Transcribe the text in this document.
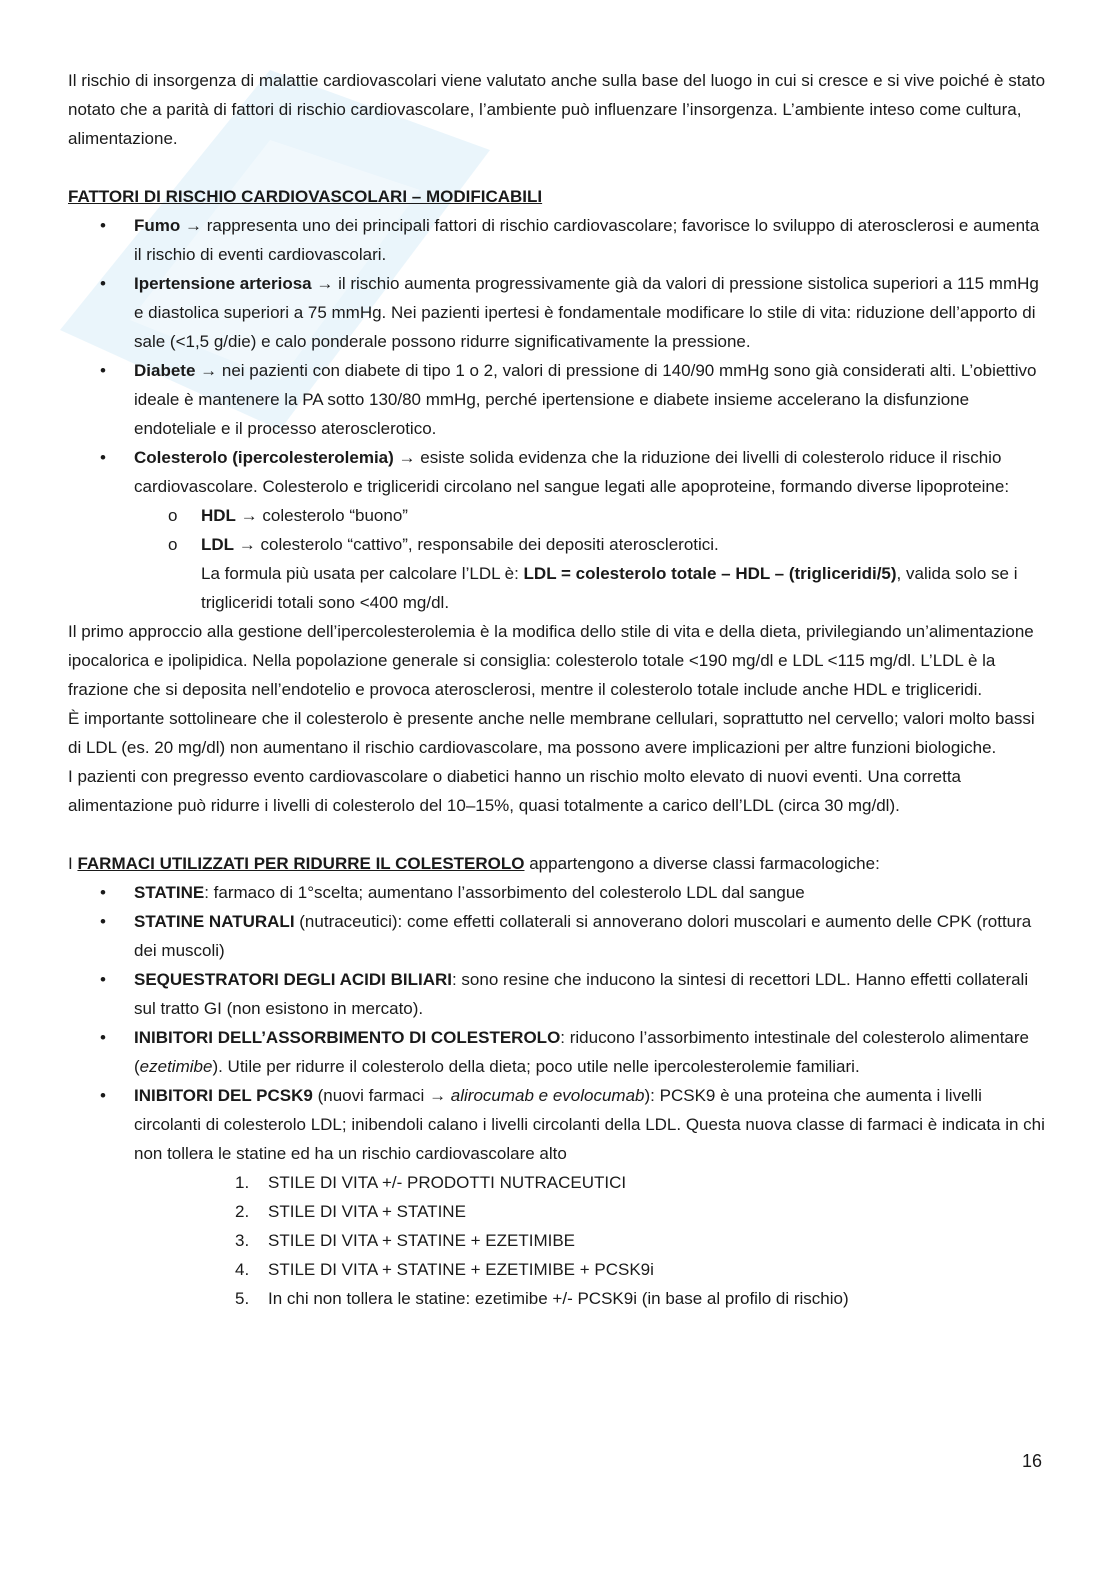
Il rischio di insorgenza di malattie cardiovascolari viene valutato anche sulla base del luogo in cui si cresce e si vive poiché è stato notato che a parità di fattori di rischio cardiovascolare, l’ambiente può influenzare l’insorgenza. L’ambiente inteso come cultura, alimentazione.

FATTORI DI RISCHIO CARDIOVASCOLARI – MODIFICABILI

• Fumo → rappresenta uno dei principali fattori di rischio cardiovascolare; favorisce lo sviluppo di aterosclerosi e aumenta il rischio di eventi cardiovascolari.
• Ipertensione arteriosa → il rischio aumenta progressivamente già da valori di pressione sistolica superiori a 115 mmHg e diastolica superiori a 75 mmHg. Nei pazienti ipertesi è fondamentale modificare lo stile di vita: riduzione dell’apporto di sale (<1,5 g/die) e calo ponderale possono ridurre significativamente la pressione.
• Diabete → nei pazienti con diabete di tipo 1 o 2, valori di pressione di 140/90 mmHg sono già considerati alti. L’obiettivo ideale è mantenere la PA sotto 130/80 mmHg, perché ipertensione e diabete insieme accelerano la disfunzione endoteliale e il processo aterosclerotico.
• Colesterolo (ipercolesterolemia) → esiste solida evidenza che la riduzione dei livelli di colesterolo riduce il rischio cardiovascolare. Colesterolo e trigliceridi circolano nel sangue legati alle apoproteine, formando diverse lipoproteine:
o HDL → colesterolo “buono”
o LDL → colesterolo “cattivo”, responsabile dei depositi aterosclerotici.
La formula più usata per calcolare l’LDL è: LDL = colesterolo totale – HDL – (trigliceridi/5), valida solo se i trigliceridi totali sono <400 mg/dl.

Il primo approccio alla gestione dell’ipercolesterolemia è la modifica dello stile di vita e della dieta, privilegiando un’alimentazione ipocalorica e ipolipidica. Nella popolazione generale si consiglia: colesterolo totale <190 mg/dl e LDL <115 mg/dl. L’LDL è la frazione che si deposita nell’endotelio e provoca aterosclerosi, mentre il colesterolo totale include anche HDL e trigliceridi.

È importante sottolineare che il colesterolo è presente anche nelle membrane cellulari, soprattutto nel cervello; valori molto bassi di LDL (es. 20 mg/dl) non aumentano il rischio cardiovascolare, ma possono avere implicazioni per altre funzioni biologiche.

I pazienti con pregresso evento cardiovascolare o diabetici hanno un rischio molto elevato di nuovi eventi. Una corretta alimentazione può ridurre i livelli di colesterolo del 10–15%, quasi totalmente a carico dell’LDL (circa 30 mg/dl).

I FARMACI UTILIZZATI PER RIDURRE IL COLESTEROLO appartengono a diverse classi farmacologiche:

• STATINE: farmaco di 1°scelta; aumentano l’assorbimento del colesterolo LDL dal sangue
• STATINE NATURALI (nutraceutici): come effetti collaterali si annoverano dolori muscolari e aumento delle CPK (rottura dei muscoli)
• SEQUESTRATORI DEGLI ACIDI BILIARI: sono resine che inducono la sintesi di recettori LDL. Hanno effetti collaterali sul tratto GI (non esistono in mercato).
• INIBITORI DELL’ASSORBIMENTO DI COLESTEROLO: riducono l’assorbimento intestinale del colesterolo alimentare (ezetimibe). Utile per ridurre il colesterolo della dieta; poco utile nelle ipercolesterolemie familiari.
• INIBITORI DEL PCSK9 (nuovi farmaci → alirocumab e evolocumab): PCSK9 è una proteina che aumenta i livelli circolanti di colesterolo LDL; inibendoli calano i livelli circolanti della LDL. Questa nuova classe di farmaci è indicata in chi non tollera le statine ed ha un rischio cardiovascolare alto
1. STILE DI VITA +/- PRODOTTI NUTRACEUTICI
2. STILE DI VITA + STATINE
3. STILE DI VITA + STATINE + EZETIMIBE
4. STILE DI VITA + STATINE + EZETIMIBE + PCSK9i
5. In chi non tollera le statine: ezetimibe +/- PCSK9i (in base al profilo di rischio)
16
